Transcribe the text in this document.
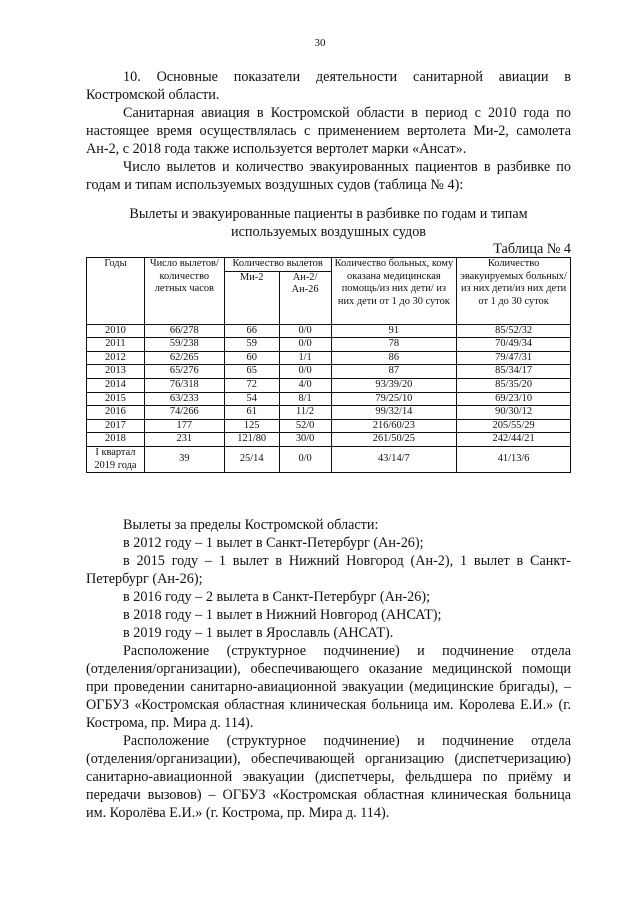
30

10. Основные показатели деятельности санитарной авиации в Костромской области.

Санитарная авиация в Костромской области в период с 2010 года по настоящее время осуществлялась с применением вертолета Ми-2, самолета Ан-2, с 2018 года также используется вертолет марки «Ансат».

Число вылетов и количество эвакуированных пациентов в разбивке по годам и типам используемых воздушных судов (таблица № 4):

Вылеты и эвакуированные пациенты в разбивке по годам и типам используемых воздушных судов
Таблица № 4
Годы	Число вылетов/ количество летных часов	Количество вылетов		Количество больных, кому оказана медицинская помощь/из них дети/ из них дети от 1 до 30 суток	Количество эвакуируемых больных/из них дети/из них дети от 1 до 30 суток
		Ми-2	Ан-2/ Ан-26		
2010	66/278	66	0/0	91	85/52/32
2011	59/238	59	0/0	78	70/49/34
2012	62/265	60	1/1	86	79/47/31
2013	65/276	65	0/0	87	85/34/17
2014	76/318	72	4/0	93/39/20	85/35/20
2015	63/233	54	8/1	79/25/10	69/23/10
2016	74/266	61	11/2	99/32/14	90/30/12
2017	177	125	52/0	216/60/23	205/55/29
2018	231	121/80	30/0	261/50/25	242/44/21
I квартал 2019 года	39	25/14	0/0	43/14/7	41/13/6

Вылеты за пределы Костромской области:

в 2012 году – 1 вылет в Санкт-Петербург (Ан-26);

в 2015 году – 1 вылет в Нижний Новгород (Ан-2), 1 вылет в Санкт-Петербург (Ан-26);

в 2016 году – 2 вылета в Санкт-Петербург (Ан-26);

в 2018 году – 1 вылет в Нижний Новгород (АНСАТ);

в 2019 году – 1 вылет в Ярославль (АНСАТ).

Расположение (структурное подчинение) и подчинение отдела (отделения/организации), обеспечивающего оказание медицинской помощи при проведении санитарно-авиационной эвакуации (медицинские бригады), – ОГБУЗ «Костромская областная клиническая больница им. Королева Е.И.» (г. Кострома, пр. Мира д. 114).

Расположение (структурное подчинение) и подчинение отдела (отделения/организации), обеспечивающей организацию (диспетчеризацию) санитарно-авиационной эвакуации (диспетчеры, фельдшера по приёму и передачи вызовов) – ОГБУЗ «Костромская областная клиническая больница им. Королёва Е.И.» (г. Кострома, пр. Мира д. 114).
